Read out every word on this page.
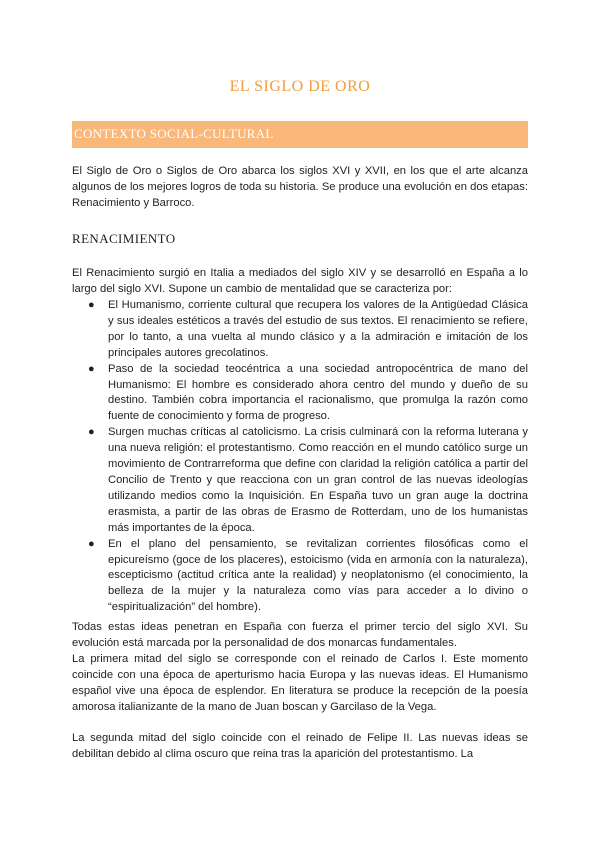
EL SIGLO DE ORO
CONTEXTO SOCIAL-CULTURAL

El Siglo de Oro o Siglos de Oro abarca los siglos XVI y XVII, en los que el arte alcanza algunos de los mejores logros de toda su historia. Se produce una evolución en dos etapas: Renacimiento y Barroco.

RENACIMIENTO

El Renacimiento surgió en Italia a mediados del siglo XIV y se desarrolló en España a lo largo del siglo XVI. Supone un cambio de mentalidad que se caracteriza por:

● El Humanismo, corriente cultural que recupera los valores de la Antigüedad Clásica y sus ideales estéticos a través del estudio de sus textos. El renacimiento se refiere, por lo tanto, a una vuelta al mundo clásico y a la admiración e imitación de los principales autores grecolatinos.
● Paso de la sociedad teocéntrica a una sociedad antropocéntrica de mano del Humanismo: El hombre es considerado ahora centro del mundo y dueño de su destino. También cobra importancia el racionalismo, que promulga la razón como fuente de conocimiento y forma de progreso.
● Surgen muchas críticas al catolicismo. La crisis culminará con la reforma luterana y una nueva religión: el protestantismo. Como reacción en el mundo católico surge un movimiento de Contrarreforma que define con claridad la religión católica a partir del Concilio de Trento y que reacciona con un gran control de las nuevas ideologías utilizando medios como la Inquisición. En España tuvo un gran auge la doctrina erasmista, a partir de las obras de Erasmo de Rotterdam, uno de los humanistas más importantes de la época.
● En el plano del pensamiento, se revitalizan corrientes filosóficas como el epicureísmo (goce de los placeres), estoicismo (vida en armonía con la naturaleza), escepticismo (actitud crítica ante la realidad) y neoplatonismo (el conocimiento, la belleza de la mujer y la naturaleza como vías para acceder a lo divino o “espiritualización” del hombre).

Todas estas ideas penetran en España con fuerza el primer tercio del siglo XVI. Su evolución está marcada por la personalidad de dos monarcas fundamentales.

La primera mitad del siglo se corresponde con el reinado de Carlos I. Este momento coincide con una época de aperturismo hacia Europa y las nuevas ideas. El Humanismo español vive una época de esplendor. En literatura se produce la recepción de la poesía amorosa italianizante de la mano de Juan boscan y Garcilaso de la Vega.

La segunda mitad del siglo coincide con el reinado de Felipe II. Las nuevas ideas se debilitan debido al clima oscuro que reina tras la aparición del protestantismo. La
